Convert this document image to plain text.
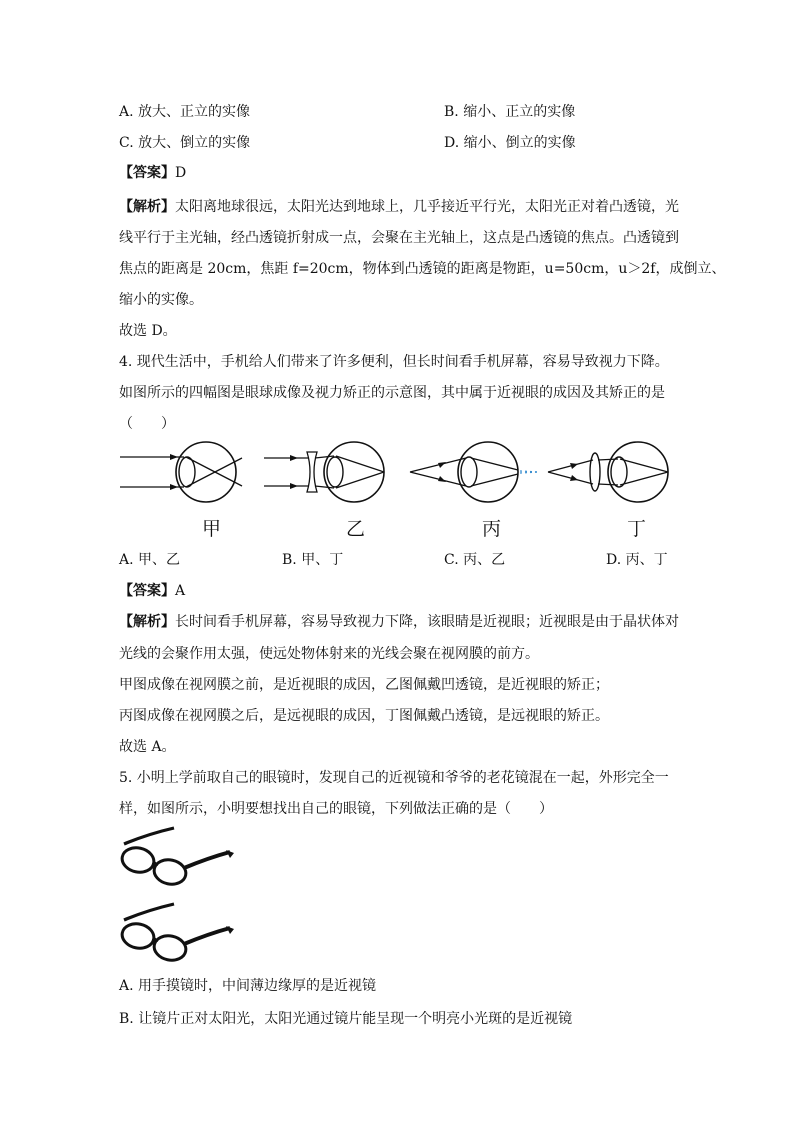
A. 放大、正立的实像	B. 缩小、正立的实像
C. 放大、倒立的实像	D. 缩小、倒立的实像
【答案】D
【解析】太阳离地球很远，太阳光达到地球上，几乎接近平行光，太阳光正对着凸透镜，光
线平行于主光轴，经凸透镜折射成一点，会聚在主光轴上，这点是凸透镜的焦点。凸透镜到
焦点的距离是 20cm，焦距 f=20cm，物体到凸透镜的距离是物距，u=50cm，u＞2f，成倒立、
缩小的实像。
故选 D。
4. 现代生活中，手机给人们带来了许多便利，但长时间看手机屏幕，容易导致视力下降。
如图所示的四幅图是眼球成像及视力矫正的示意图，其中属于近视眼的成因及其矫正的是
（　　）
甲	乙	丙	丁
A. 甲、乙	B. 甲、丁	C. 丙、乙	D. 丙、丁
【答案】A
【解析】长时间看手机屏幕，容易导致视力下降，该眼睛是近视眼；近视眼是由于晶状体对
光线的会聚作用太强，使远处物体射来的光线会聚在视网膜的前方。
甲图成像在视网膜之前，是近视眼的成因，乙图佩戴凹透镜，是近视眼的矫正；
丙图成像在视网膜之后，是远视眼的成因，丁图佩戴凸透镜，是远视眼的矫正。
故选 A。
5. 小明上学前取自己的眼镜时，发现自己的近视镜和爷爷的老花镜混在一起，外形完全一
样，如图所示，小明要想找出自己的眼镜，下列做法正确的是（　　）
A. 用手摸镜时，中间薄边缘厚的是近视镜
B. 让镜片正对太阳光，太阳光通过镜片能呈现一个明亮小光斑的是近视镜
